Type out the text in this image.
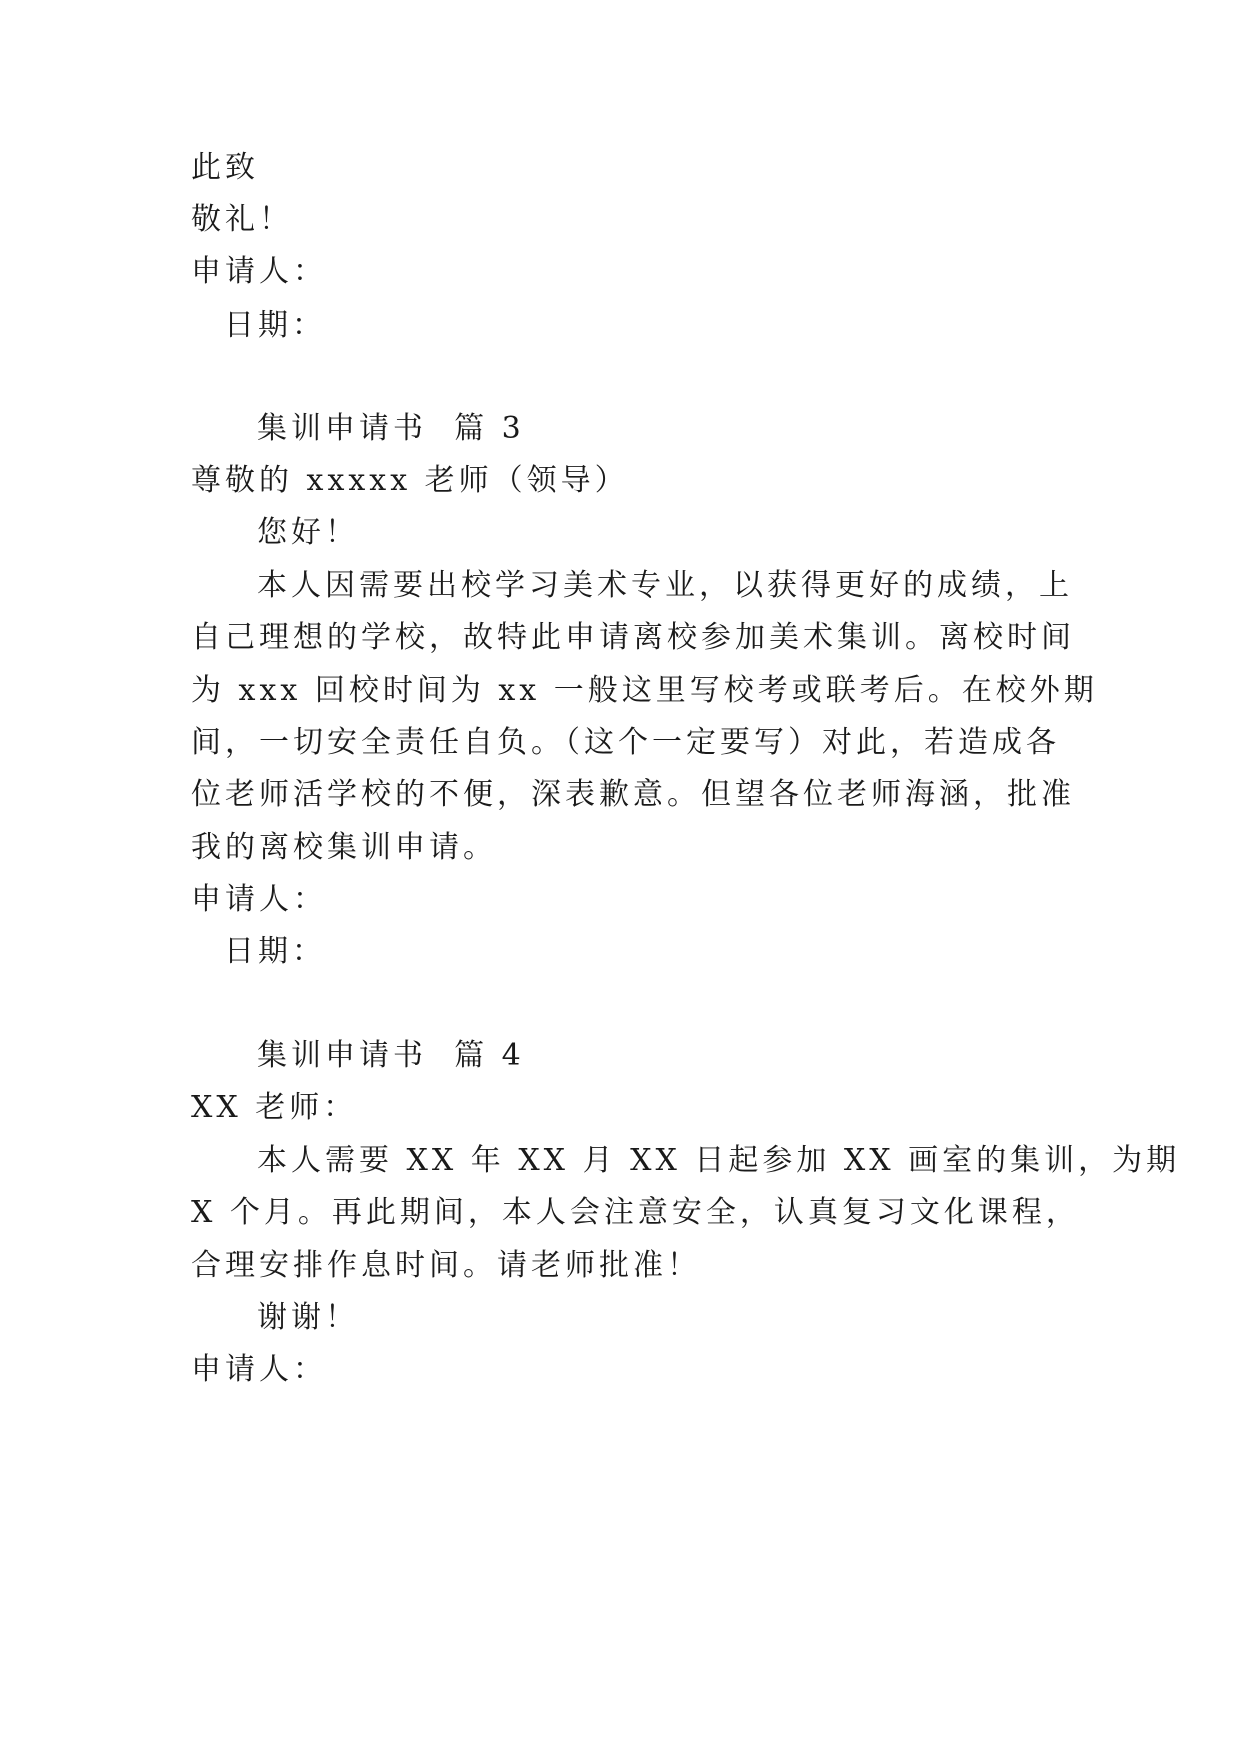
此致

敬礼！

申请人：

日期：

集训申请书  篇 3

尊敬的 xxxxx 老师（领导）

您好！

本人因需要出校学习美术专业，以获得更好的成绩，上

自己理想的学校，故特此申请离校参加美术集训。离校时间

为 xxx 回校时间为 xx 一般这里写校考或联考后。在校外期

间，一切安全责任自负。（这个一定要写）对此，若造成各

位老师活学校的不便，深表歉意。但望各位老师海涵，批准

我的离校集训申请。

申请人：

日期：

集训申请书  篇 4

XX 老师：

本人需要 XX 年 XX 月 XX 日起参加 XX 画室的集训，为期

X 个月。再此期间，本人会注意安全，认真复习文化课程，

合理安排作息时间。请老师批准！

谢谢！

申请人：
